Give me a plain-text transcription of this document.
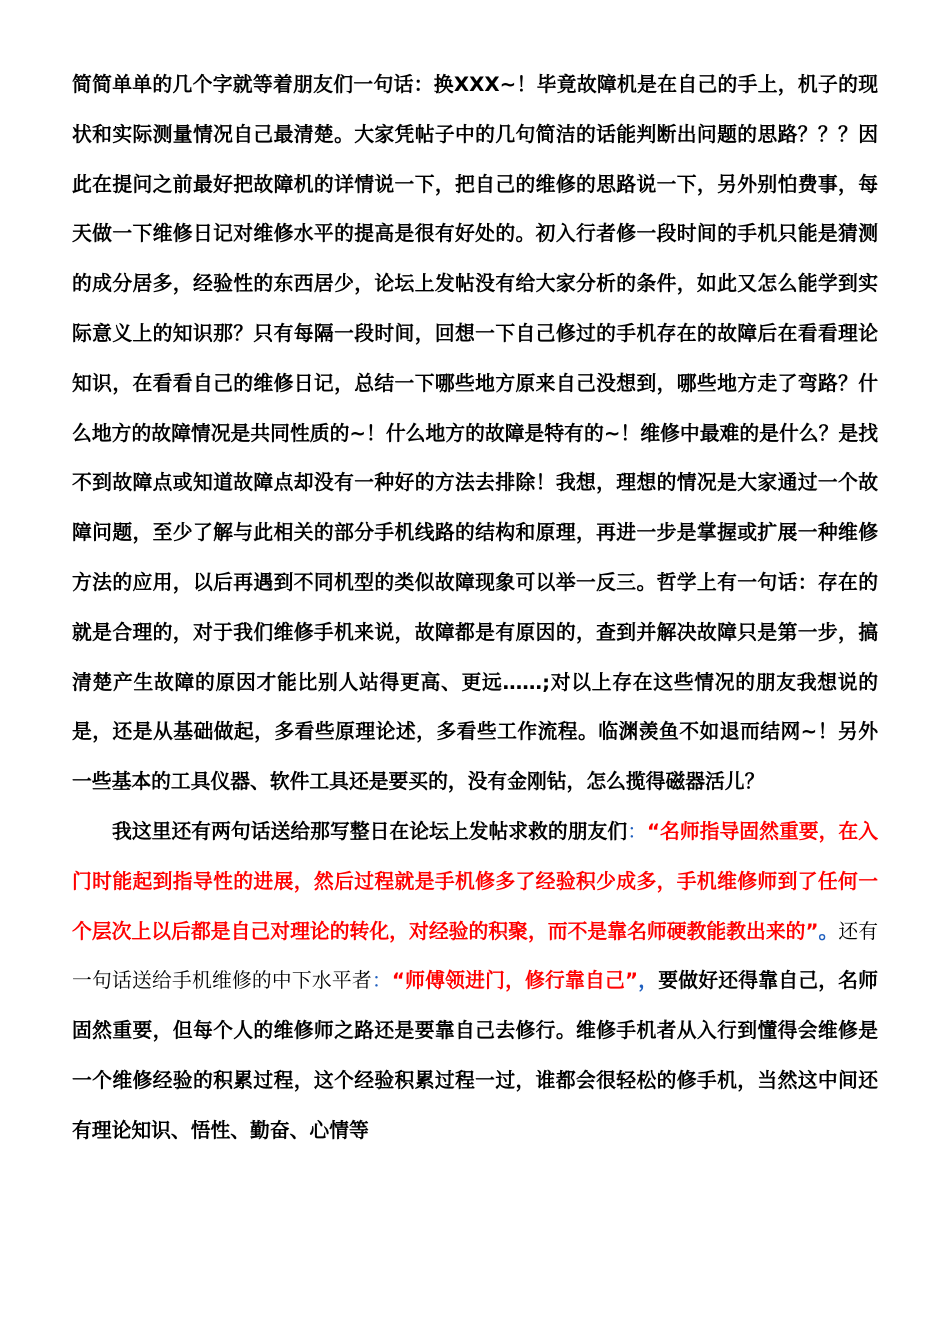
简简单单的几个字就等着朋友们一句话：换XXX~！毕竟故障机是在自己的手上，机子的现状和实际测量情况自己最清楚。大家凭帖子中的几句简洁的话能判断出问题的思路？？？因此在提问之前最好把故障机的详情说一下，把自己的维修的思路说一下，另外别怕费事，每天做一下维修日记对维修水平的提高是很有好处的。初入行者修一段时间的手机只能是猜测的成分居多，经验性的东西居少，论坛上发帖没有给大家分析的条件，如此又怎么能学到实际意义上的知识那？只有每隔一段时间，回想一下自己修过的手机存在的故障后在看看理论知识，在看看自己的维修日记，总结一下哪些地方原来自己没想到，哪些地方走了弯路？什么地方的故障情况是共同性质的~！什么地方的故障是特有的~！维修中最难的是什么？是找不到故障点或知道故障点却没有一种好的方法去排除！我想，理想的情况是大家通过一个故障问题，至少了解与此相关的部分手机线路的结构和原理，再进一步是掌握或扩展一种维修方法的应用，以后再遇到不同机型的类似故障现象可以举一反三。哲学上有一句话：存在的就是合理的，对于我们维修手机来说，故障都是有原因的，查到并解决故障只是第一步，搞清楚产生故障的原因才能比别人站得更高、更远……;对以上存在这些情况的朋友我想说的是，还是从基础做起，多看些原理论述，多看些工作流程。临渊羡鱼不如退而结网~！另外一些基本的工具仪器、软件工具还是要买的，没有金刚钻，怎么揽得磁器活儿？

我这里还有两句话送给那写整日在论坛上发帖求救的朋友们：“名师指导固然重要，在入门时能起到指导性的进展，然后过程就是手机修多了经验积少成多，手机维修师到了任何一个层次上以后都是自己对理论的转化，对经验的积聚，而不是靠名师硬教能教出来的”。还有一句话送给手机维修的中下水平者：“师傅领进门，修行靠自己”，要做好还得靠自己，名师固然重要，但每个人的维修师之路还是要靠自己去修行。维修手机者从入行到懂得会维修是一个维修经验的积累过程，这个经验积累过程一过，谁都会很轻松的修手机，当然这中间还有理论知识、悟性、勤奋、心情等
